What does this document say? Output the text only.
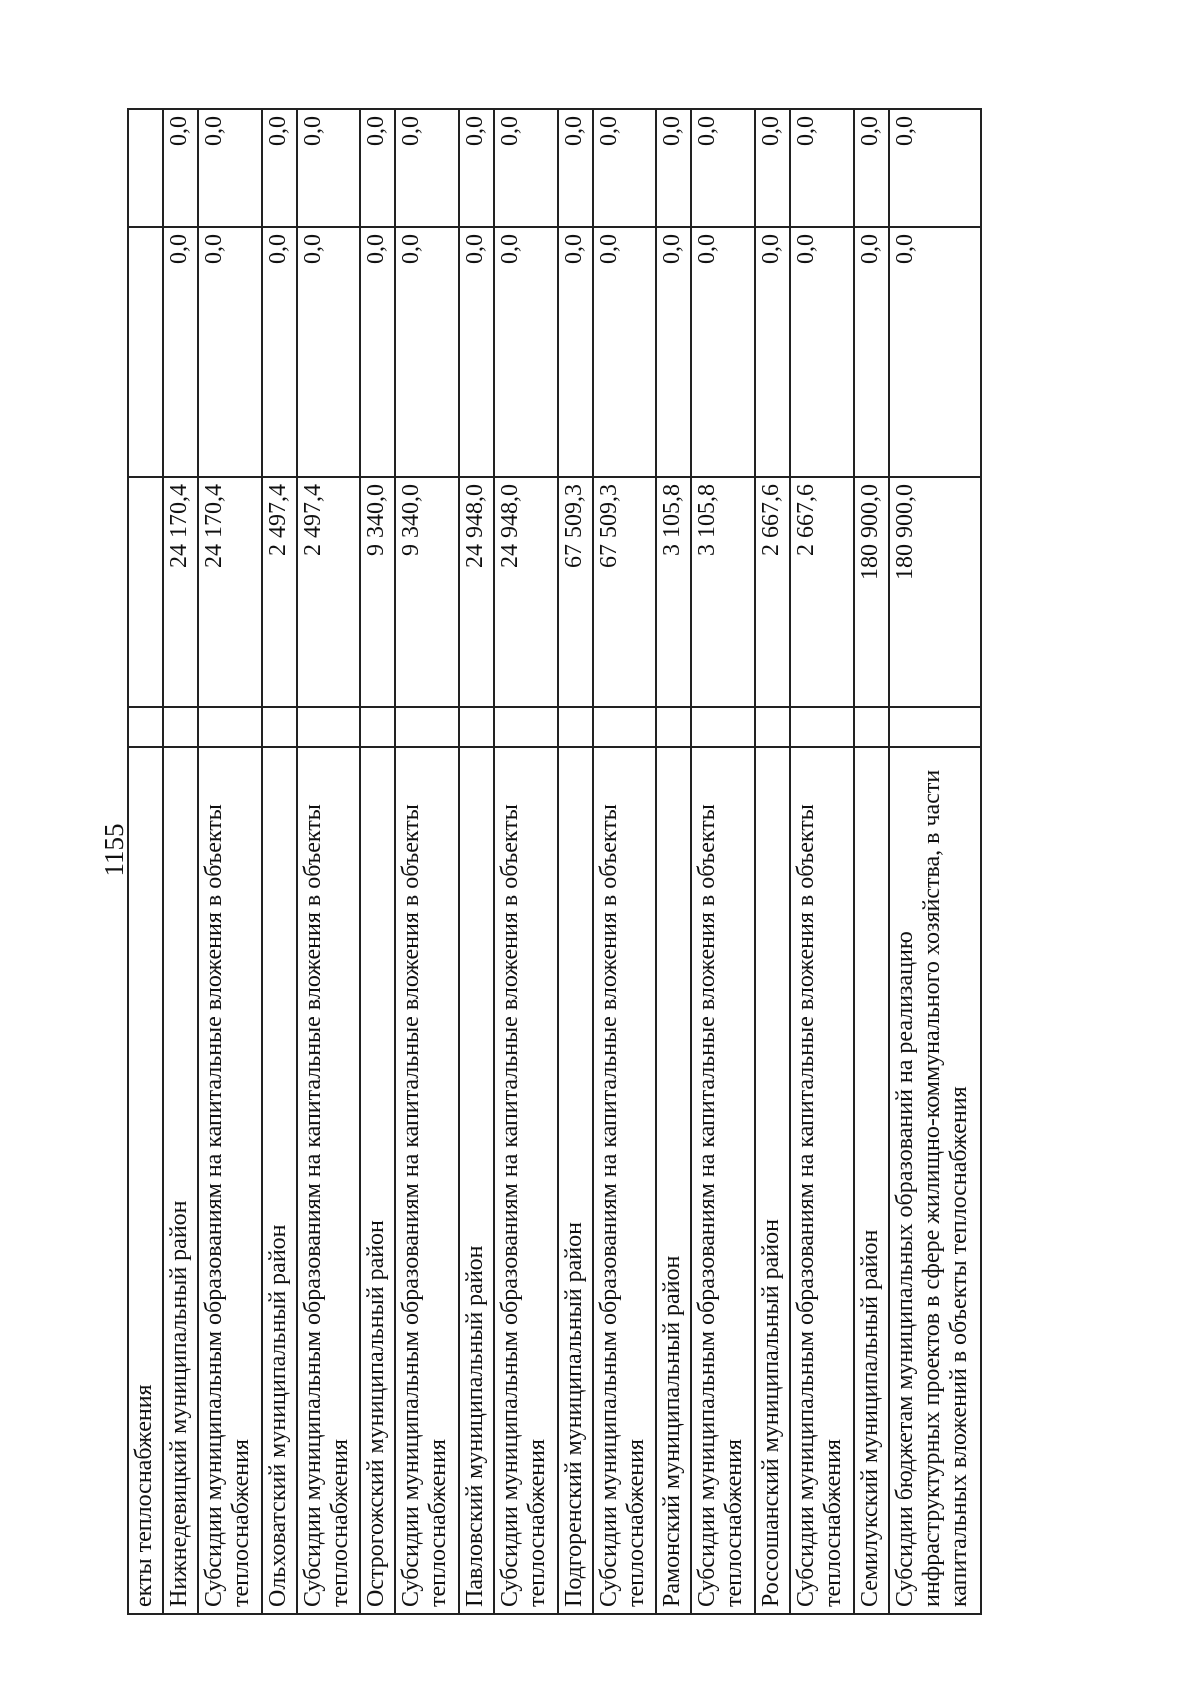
1155
екты теплоснабжения				
Нижнедевицкий муниципальный район		24 170,4	0,0	0,0
Субсидии муниципальным образованиям на капитальные вложения в объекты теплоснабжения		24 170,4	0,0	0,0
Ольховатский муниципальный район		2 497,4	0,0	0,0
Субсидии муниципальным образованиям на капитальные вложения в объекты теплоснабжения		2 497,4	0,0	0,0
Острогожский муниципальный район		9 340,0	0,0	0,0
Субсидии муниципальным образованиям на капитальные вложения в объекты теплоснабжения		9 340,0	0,0	0,0
Павловский муниципальный район		24 948,0	0,0	0,0
Субсидии муниципальным образованиям на капитальные вложения в объекты теплоснабжения		24 948,0	0,0	0,0
Подгоренский муниципальный район		67 509,3	0,0	0,0
Субсидии муниципальным образованиям на капитальные вложения в объекты теплоснабжения		67 509,3	0,0	0,0
Рамонский муниципальный район		3 105,8	0,0	0,0
Субсидии муниципальным образованиям на капитальные вложения в объекты теплоснабжения		3 105,8	0,0	0,0
Россошанский муниципальный район		2 667,6	0,0	0,0
Субсидии муниципальным образованиям на капитальные вложения в объекты теплоснабжения		2 667,6	0,0	0,0
Семилукский муниципальный район		180 900,0	0,0	0,0
Субсидии бюджетам муниципальных образований на реализацию инфраструктурных проектов в сфере жилищно-коммунального хозяйства, в части капитальных вложений в объекты теплоснабжения		180 900,0	0,0	0,0
